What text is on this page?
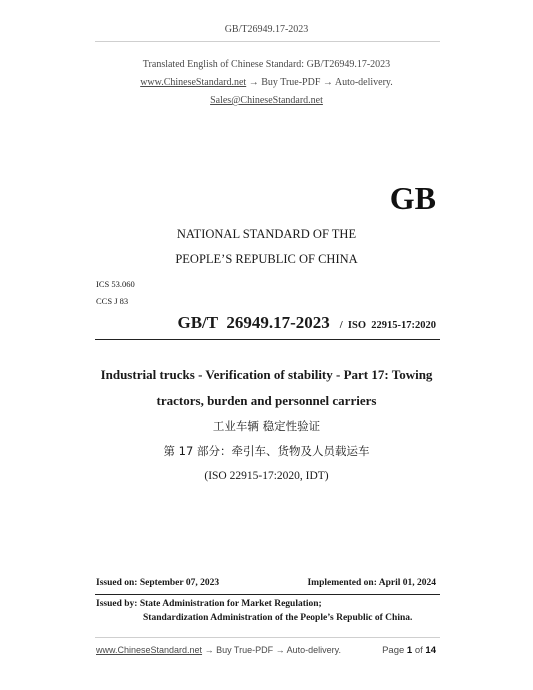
GB/T26949.17-2023
Translated English of Chinese Standard: GB/T26949.17-2023
www.ChineseStandard.net → Buy True-PDF → Auto-delivery.
Sales@ChineseStandard.net
GB
NATIONAL STANDARD OF THE
PEOPLE’S REPUBLIC OF CHINA
ICS 53.060
CCS J 83
GB/T  26949.17-2023 /  ISO  22915-17:2020
Industrial trucks - Verification of stability - Part 17: Towing
tractors, burden and personnel carriers
工业车辆 稳定性验证
第 17 部分：牵引车、货物及人员载运车
(ISO 22915-17:2020, IDT)
Issued on: September 07, 2023	Implemented on: April 01, 2024
Issued by: State Administration for Market Regulation;
Standardization Administration of the People’s Republic of China.
www.ChineseStandard.net → Buy True-PDF → Auto-delivery.	Page 1 of 14
